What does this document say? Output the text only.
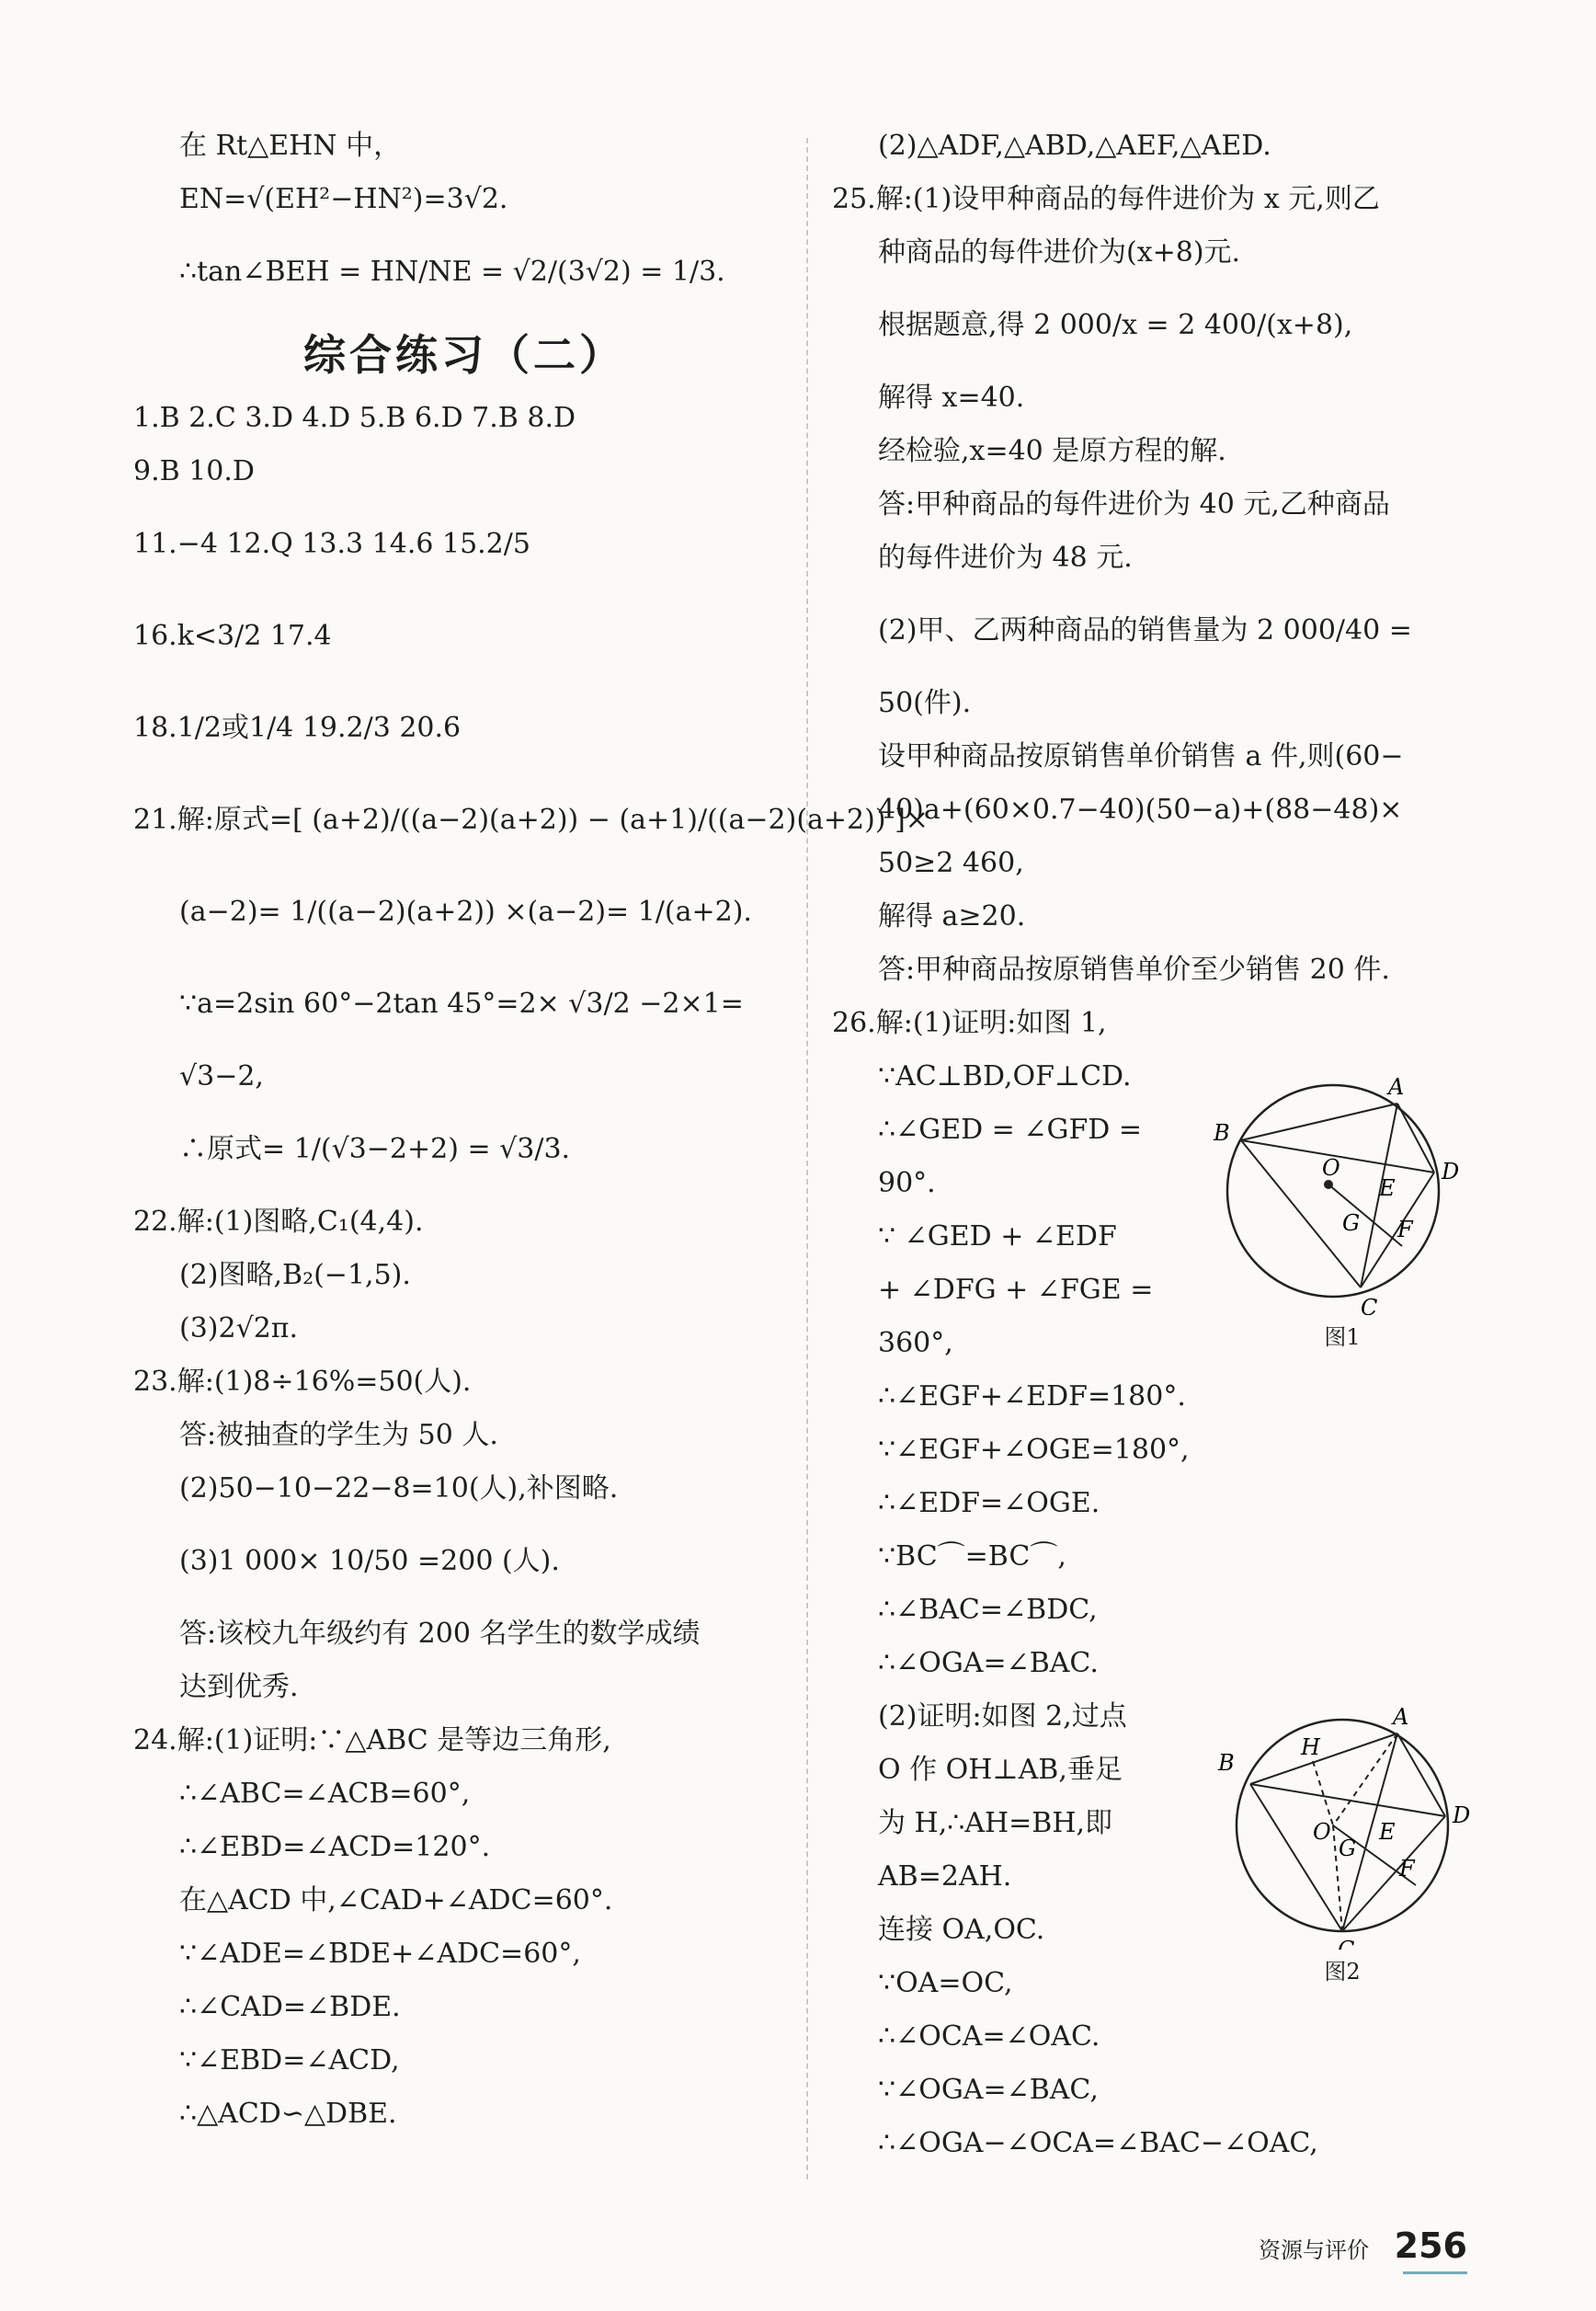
在 Rt△EHN 中，
EN=√(EH²−HN²)=3√2.
∴tan∠BEH = HN/NE = √2/(3√2) = 1/3.
综合练习（二）
1.B 2.C 3.D 4.D 5.B 6.D 7.B 8.D
9.B 10.D
11.−4 12.Q 13.3 14.6 15.2/5
16.k<3/2 17.4
18.1/2或1/4 19.2/3 20.6
21.解:原式=[ (a+2)/((a−2)(a+2)) − (a+1)/((a−2)(a+2)) ]×
(a−2)= 1/((a−2)(a+2)) ×(a−2)= 1/(a+2).
∵a=2sin 60°−2tan 45°=2× √3/2 −2×1=
√3−2,
∴原式= 1/(√3−2+2) = √3/3.
22.解:(1)图略,C₁(4,4).
(2)图略,B₂(−1,5).
(3)2√2π.
23.解:(1)8÷16%=50(人).
答:被抽查的学生为 50 人.
(2)50−10−22−8=10(人),补图略.
(3)1 000× 10/50 =200 (人).
答:该校九年级约有 200 名学生的数学成绩
达到优秀.
24.解:(1)证明:∵△ABC 是等边三角形,
∴∠ABC=∠ACB=60°,
∴∠EBD=∠ACD=120°.
在△ACD 中,∠CAD+∠ADC=60°.
∵∠ADE=∠BDE+∠ADC=60°,
∴∠CAD=∠BDE.
∵∠EBD=∠ACD,
∴△ACD∽△DBE.
(2)△ADF,△ABD,△AEF,△AED.
25.解:(1)设甲种商品的每件进价为 x 元,则乙
种商品的每件进价为(x+8)元.
根据题意,得 2 000/x = 2 400/(x+8),
解得 x=40.
经检验,x=40 是原方程的解.
答:甲种商品的每件进价为 40 元,乙种商品
的每件进价为 48 元.
(2)甲、乙两种商品的销售量为 2 000/40 =
50(件).
设甲种商品按原销售单价销售 a 件,则(60−
40)a+(60×0.7−40)(50−a)+(88−48)×
50≥2 460,
解得 a≥20.
答:甲种商品按原销售单价至少销售 20 件.
26.解:(1)证明:如图 1,
∵AC⊥BD,OF⊥CD.
∴∠GED = ∠GFD =
90°.
∵ ∠GED + ∠EDF
+ ∠DFG + ∠FGE =
360°,
∴∠EGF+∠EDF=180°.
∵∠EGF+∠OGE=180°,
∴∠EDF=∠OGE.
∵BC⌒=BC⌒,
∴∠BAC=∠BDC,
∴∠OGA=∠BAC.
(2)证明:如图 2,过点
O 作 OH⊥AB,垂足
为 H,∴AH=BH,即
AB=2AH.
连接 OA,OC.
∵OA=OC,
∴∠OCA=∠OAC.
∵∠OGA=∠BAC,
∴∠OGA−∠OCA=∠BAC−∠OAC,
A
B
C
D
E
F
G
O
图1
A
B
C
D
E
F
G
O
H
图2
资源与评价 256
